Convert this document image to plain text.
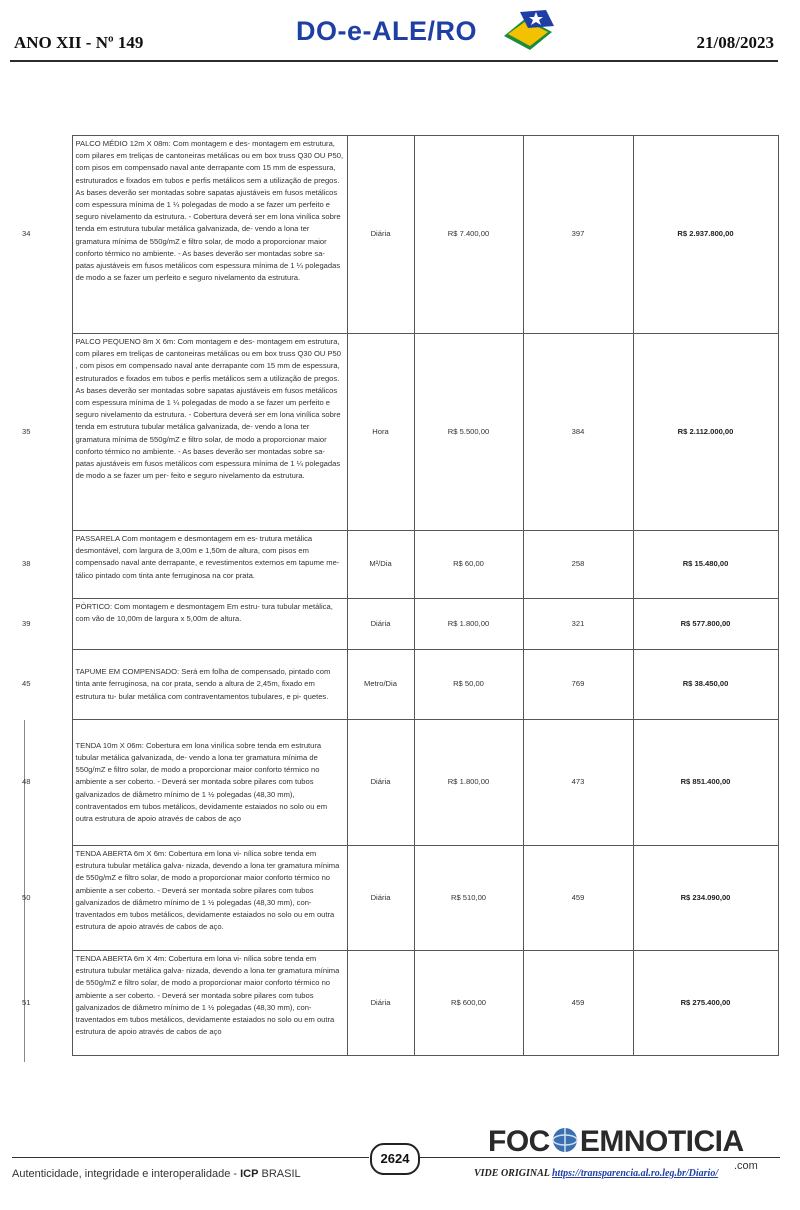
ANO XII - Nº 149	DO-e-ALE/RO	21/08/2023
34	PALCO MÉDIO 12m X 08m: Com montagem e des- montagem em estrutura, com pilares em treliças de cantoneiras metálicas ou em box truss Q30 OU P50, com pisos em compensado naval ante derrapante com 15 mm de espessura, estruturados e fixados em tubos e perfis metálicos sem a utilização de pregos. As bases deverão ser montadas sobre sapatas ajustáveis em fusos metálicos com espessura mínima de 1 ¼ polegadas de modo a se fazer um perfeito e seguro nivelamento da estrutura. - Cobertura deverá ser em lona vinílica sobre tenda em estrutura tubular metálica galvanizada, de- vendo a lona ter gramatura mínima de 550g/mZ e filtro solar, de modo a proporcionar maior conforto térmico no ambiente. - As bases deverão ser montadas sobre sa- patas ajustáveis em fusos metálicos com espessura mínima de 1 ¼ polegadas de modo a se fazer um perfeito e seguro nivelamento da estrutura.	Diária	R$ 7.400,00	397	R$ 2.937.800,00
35	PALCO PEQUENO 8m X 6m: Com montagem e des- montagem em estrutura, com pilares em treliças de cantoneiras metálicas ou em box truss Q30 OU P50 , com pisos em compensado naval ante derrapante com 15 mm de espessura, estruturados e fixados em tubos e perfis metálicos sem a utilização de pregos. As bases deverão ser montadas sobre sapatas ajustáveis em fusos metálicos com espessura mínima de 1 ¼ polegadas de modo a se fazer um perfeito e seguro nivelamento da estrutura. - Cobertura deverá ser em lona vinílica sobre tenda em estrutura tubular metálica galvanizada, de- vendo a lona ter gramatura mínima de 550g/mZ e filtro solar, de modo a proporcionar maior conforto térmico no ambiente. - As bases deverão ser montadas sobre sa- patas ajustáveis em fusos metálicos com espessura mínima de 1 ¼ polegadas de modo a se fazer um per- feito e seguro nivelamento da estrutura.	Hora	R$ 5.500,00	384	R$ 2.112.000,00
38	PASSARELA Com montagem e desmontagem em es- trutura metálica desmontável, com largura de 3,00m e 1,50m de altura, com pisos em compensado naval ante derrapante, e revestimentos externos em tapume me- tálico pintado com tinta ante ferruginosa na cor prata.	M²/Dia	R$ 60,00	258	R$ 15.480,00
39	PÓRTICO: Com montagem e desmontagem Em estru- tura tubular metálica, com vão de 10,00m de largura x 5,00m de altura.	Diária	R$ 1.800,00	321	R$ 577.800,00
45	TAPUME EM COMPENSADO: Será em folha de compensado, pintado com tinta ante ferruginosa, na cor prata, sendo a altura de 2,45m, fixado em estrutura tu- bular metálica com contraventamentos tubulares, e pi- quetes.	Metro/Dia	R$ 50,00	769	R$ 38.450,00
48	TENDA 10m X 06m: Cobertura em lona vinílica sobre tenda em estrutura tubular metálica galvanizada, de- vendo a lona ter gramatura mínima de 550g/mZ e filtro solar, de modo a proporcionar maior conforto térmico no ambiente a ser coberto. - Deverá ser montada sobre pilares com tubos galvanizados de diâmetro mínimo de 1 ½ polegadas (48,30 mm), contraventados em tubos metálicos, devidamente estaiados no solo ou em outra estrutura de apoio através de cabos de aço	Diária	R$ 1.800,00	473	R$ 851.400,00
50	TENDA ABERTA 6m X 6m: Cobertura em lona vi- nílica sobre tenda em estrutura tubular metálica galva- nizada, devendo a lona ter gramatura mínima de 550g/mZ e filtro solar, de modo a proporcionar maior conforto térmico no ambiente a ser coberto. - Deverá ser montada sobre pilares com tubos galvanizados de diâmetro mínimo de 1 ½ polegadas (48,30 mm), con- traventados em tubos metálicos, devidamente estaiados no solo ou em outra estrutura de apoio através de cabos de aço.	Diária	R$ 510,00	459	R$ 234.090,00
51	TENDA ABERTA 6m X 4m: Cobertura em lona vi- nílica sobre tenda em estrutura tubular metálica galva- nizada, devendo a lona ter gramatura mínima de 550g/mZ e filtro solar, de modo a proporcionar maior conforto térmico no ambiente a ser coberto. - Deverá ser montada sobre pilares com tubos galvanizados de diâmetro mínimo de 1 ½ polegadas (48,30 mm), con- traventados em tubos metálicos, devidamente estaiados no solo ou em outra estrutura de apoio através de cabos de aço	Diária	R$ 600,00	459	R$ 275.400,00
2624
Autenticidade, integridade e interoperalidade - ICP BRASIL
FOC EMNOTICIA
.com
VIDE ORIGINAL https://transparencia.al.ro.leg.br/Diario/
